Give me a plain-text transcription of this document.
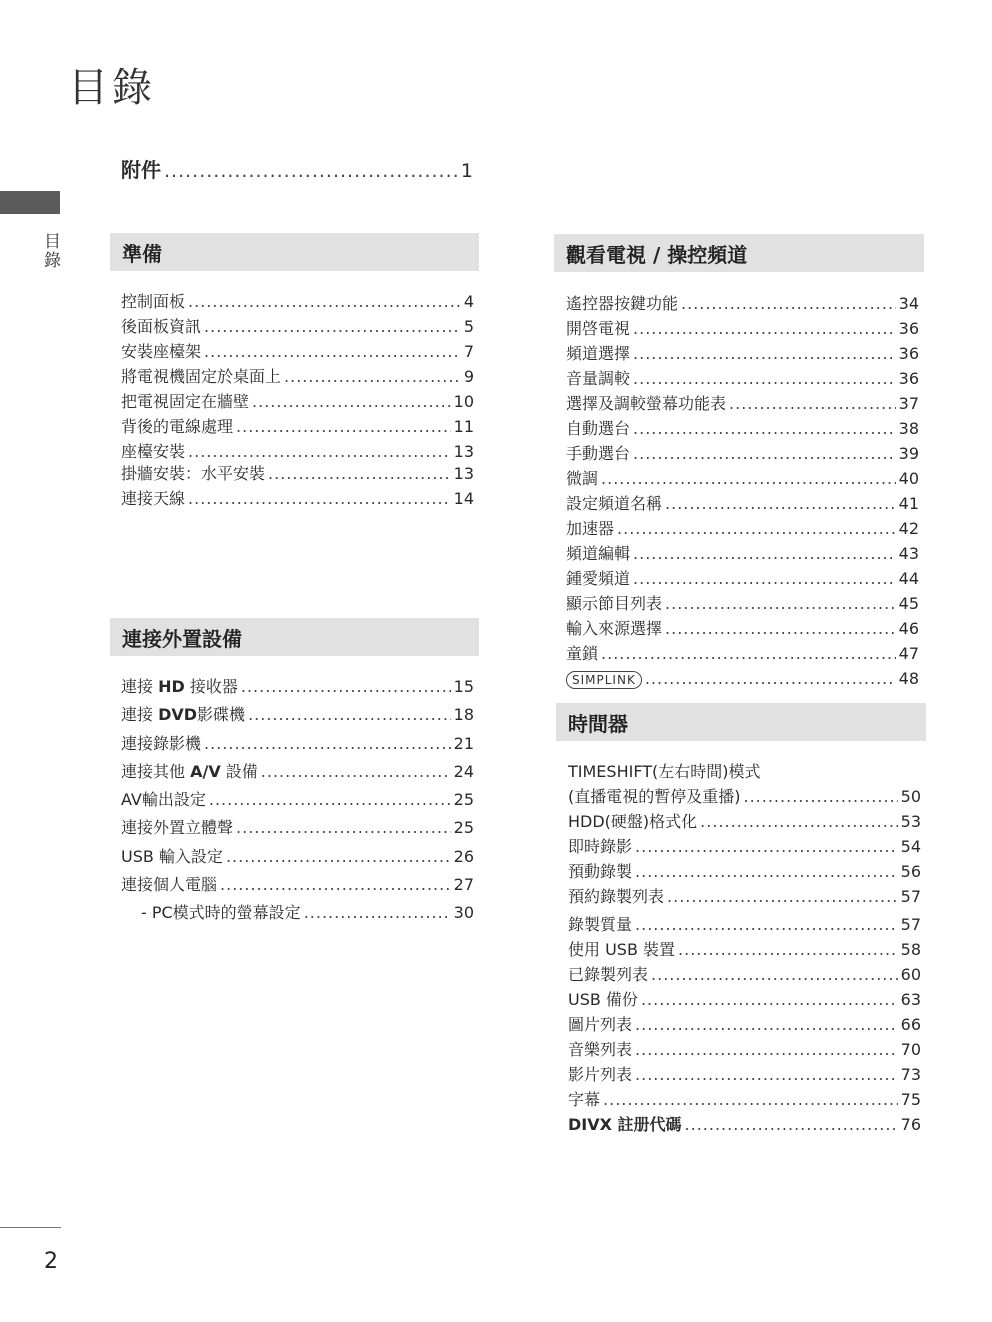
目錄
目錄
附件 .....	1
準備
連接外置設備
觀看電視 / 操控頻道
時間器
TIMESHIFT(左右時間)模式
2
控制面板 .....	4
後面板資訊 .....	5
安裝座檯架 .....	7
將電視機固定於桌面上 .....	9
把電視固定在牆壁 .....	10
背後的電線處理 .....	11
座檯安裝 .....	13
掛牆安裝：水平安裝 .....	13
連接天線 .....	14
連接 HD 接收器 .....	15
連接 DVD影碟機 .....	18
連接錄影機 .....	21
連接其他 A/V 設備 .....	24
AV輸出設定 .....	25
連接外置立體聲 .....	25
USB 輸入設定 .....	26
連接個人電腦 .....	27
- PC模式時的螢幕設定 .....	30
遙控器按鍵功能 .....	34
開啓電視 .....	36
頻道選擇 .....	36
音量調較 .....	36
選擇及調較螢幕功能表 .....	37
自動選台 .....	38
手動選台 .....	39
微調 .....	40
設定頻道名稱 .....	41
加速器 .....	42
頻道編輯 .....	43
鍾愛頻道 .....	44
顯示節目列表 .....	45
輸入來源選擇 .....	46
童鎖 .....	47
SIMPLINK .....	48
(直播電視的暫停及重播) .....	50
HDD(硬盤)格式化 .....	53
即時錄影 .....	54
預動錄製 .....	56
預約錄製列表 .....	57
錄製質量 .....	57
使用 USB 裝置 .....	58
已錄製列表 .....	60
USB 備份 .....	63
圖片列表 .....	66
音樂列表 .....	70
影片列表 .....	73
字幕 .....	75
DIVX 註册代碼 .....	76
